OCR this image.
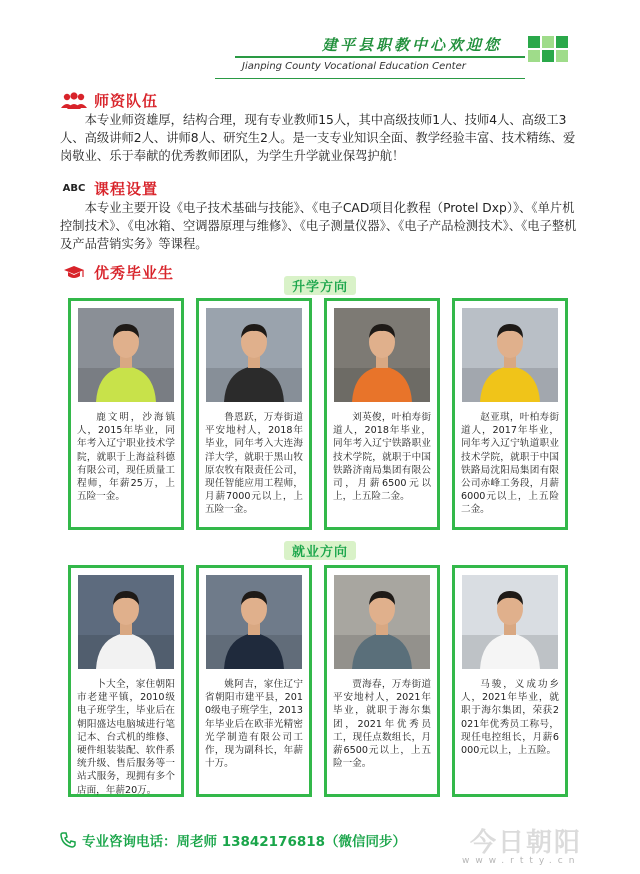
建平县职教中心欢迎您
Jianping County Vocational Education Center
师资队伍
本专业师资雄厚，结构合理，现有专业教师15人，其中高级技师1人、技师4人、高级工3人、高级讲师2人、讲师8人、研究生2人。是一支专业知识全面、教学经验丰富、技术精练、爱岗敬业、乐于奉献的优秀教师团队，为学生升学就业保驾护航！
ABC 课程设置
本专业主要开设《电子技术基础与技能》、《电子CAD项目化教程（Protel Dxp）》、《单片机控制技术》、《电冰箱、空调器原理与维修》、《电子测量仪器》、《电子产品检测技术》、《电子整机及产品营销实务》等课程。
优秀毕业生
升学方向
鹿文明，沙海镇人，2015年毕业，同年考入辽宁职业技术学院，就职于上海益科德有限公司，现任质量工程师，年薪25万，上五险一金。
鲁恩跃，万寿街道平安地村人，2018年毕业，同年考入大连海洋大学，就职于黑山牧原农牧有限责任公司，现任智能应用工程师，月薪7000元以上，上五险一金。
刘英俊，叶柏寿街道人，2018年毕业，同年考入辽宁铁路职业技术学院，就职于中国铁路济南局集团有限公司，月薪6500元以上，上五险二金。
赵亚琪，叶柏寿街道人，2017年毕业，同年考入辽宁轨道职业技术学院，就职于中国铁路局沈阳局集团有限公司赤峰工务段，月薪6000元以上，上五险二金。
就业方向
卜大全，家住朝阳市老建平镇，2010级电子班学生，毕业后在朝阳盛达电脑城进行笔记本、台式机的维修、硬件组装装配、软件系统升级、售后服务等一站式服务，现拥有多个店面，年薪20万。
姚阿吉，家住辽宁省朝阳市建平县，2010级电子班学生，2013年毕业后在欧菲光精密光学制造有限公司工作，现为副科长，年薪十万。
贾海春，万寿街道平安地村人，2021年毕业，就职于海尔集团，2021年优秀员工，现任点数组长，月薪6500元以上，上五险一金。
马骏，义成功乡人，2021年毕业，就职于海尔集团，荣获2021年优秀员工称号，现任电控组长，月薪6000元以上，上五险。
专业咨询电话：周老师 13842176818（微信同步） 今日朝阳
www.rtty.cn
